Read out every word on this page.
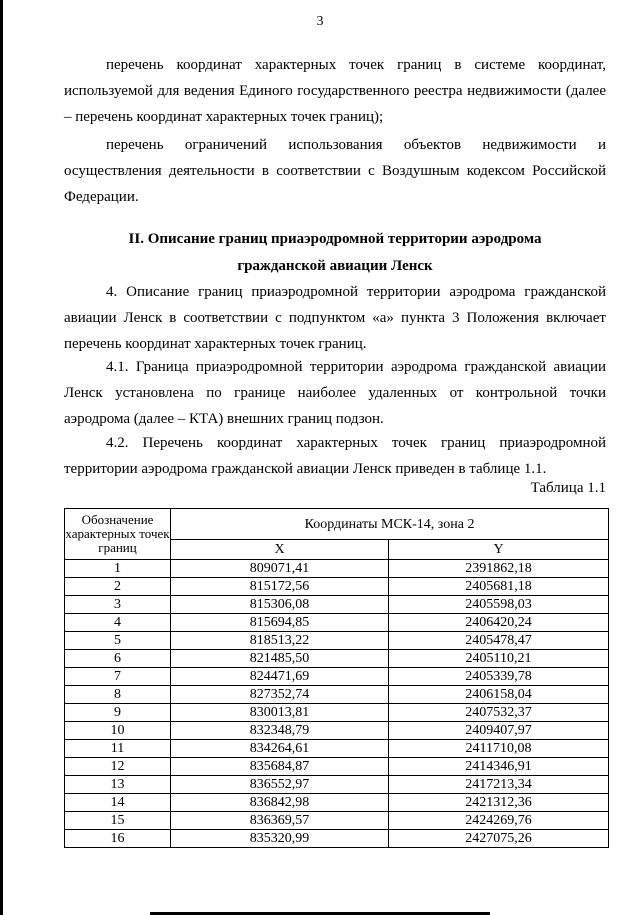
3

перечень координат характерных точек границ в системе координат, используемой для ведения Единого государственного реестра недвижимости (далее – перечень координат характерных точек границ);

перечень ограничений использования объектов недвижимости и осуществления деятельности в соответствии с Воздушным кодексом Российской Федерации.

II. Описание границ приаэродромной территории аэродрома
гражданской авиации Ленск

4. Описание границ приаэродромной территории аэродрома гражданской авиации Ленск в соответствии с подпунктом «а» пункта 3 Положения включает перечень координат характерных точек границ.

4.1. Граница приаэродромной территории аэродрома гражданской авиации Ленск установлена по границе наиболее удаленных от контрольной точки аэродрома (далее – КТА) внешних границ подзон.

4.2. Перечень координат характерных точек границ приаэродромной территории аэродрома гражданской авиации Ленск приведен в таблице 1.1.

Таблица 1.1
Обозначение характерных точек границ	Координаты МСК-14, зона 2	
	X	Y
1	809071,41	2391862,18
2	815172,56	2405681,18
3	815306,08	2405598,03
4	815694,85	2406420,24
5	818513,22	2405478,47
6	821485,50	2405110,21
7	824471,69	2405339,78
8	827352,74	2406158,04
9	830013,81	2407532,37
10	832348,79	2409407,97
11	834264,61	2411710,08
12	835684,87	2414346,91
13	836552,97	2417213,34
14	836842,98	2421312,36
15	836369,57	2424269,76
16	835320,99	2427075,26
